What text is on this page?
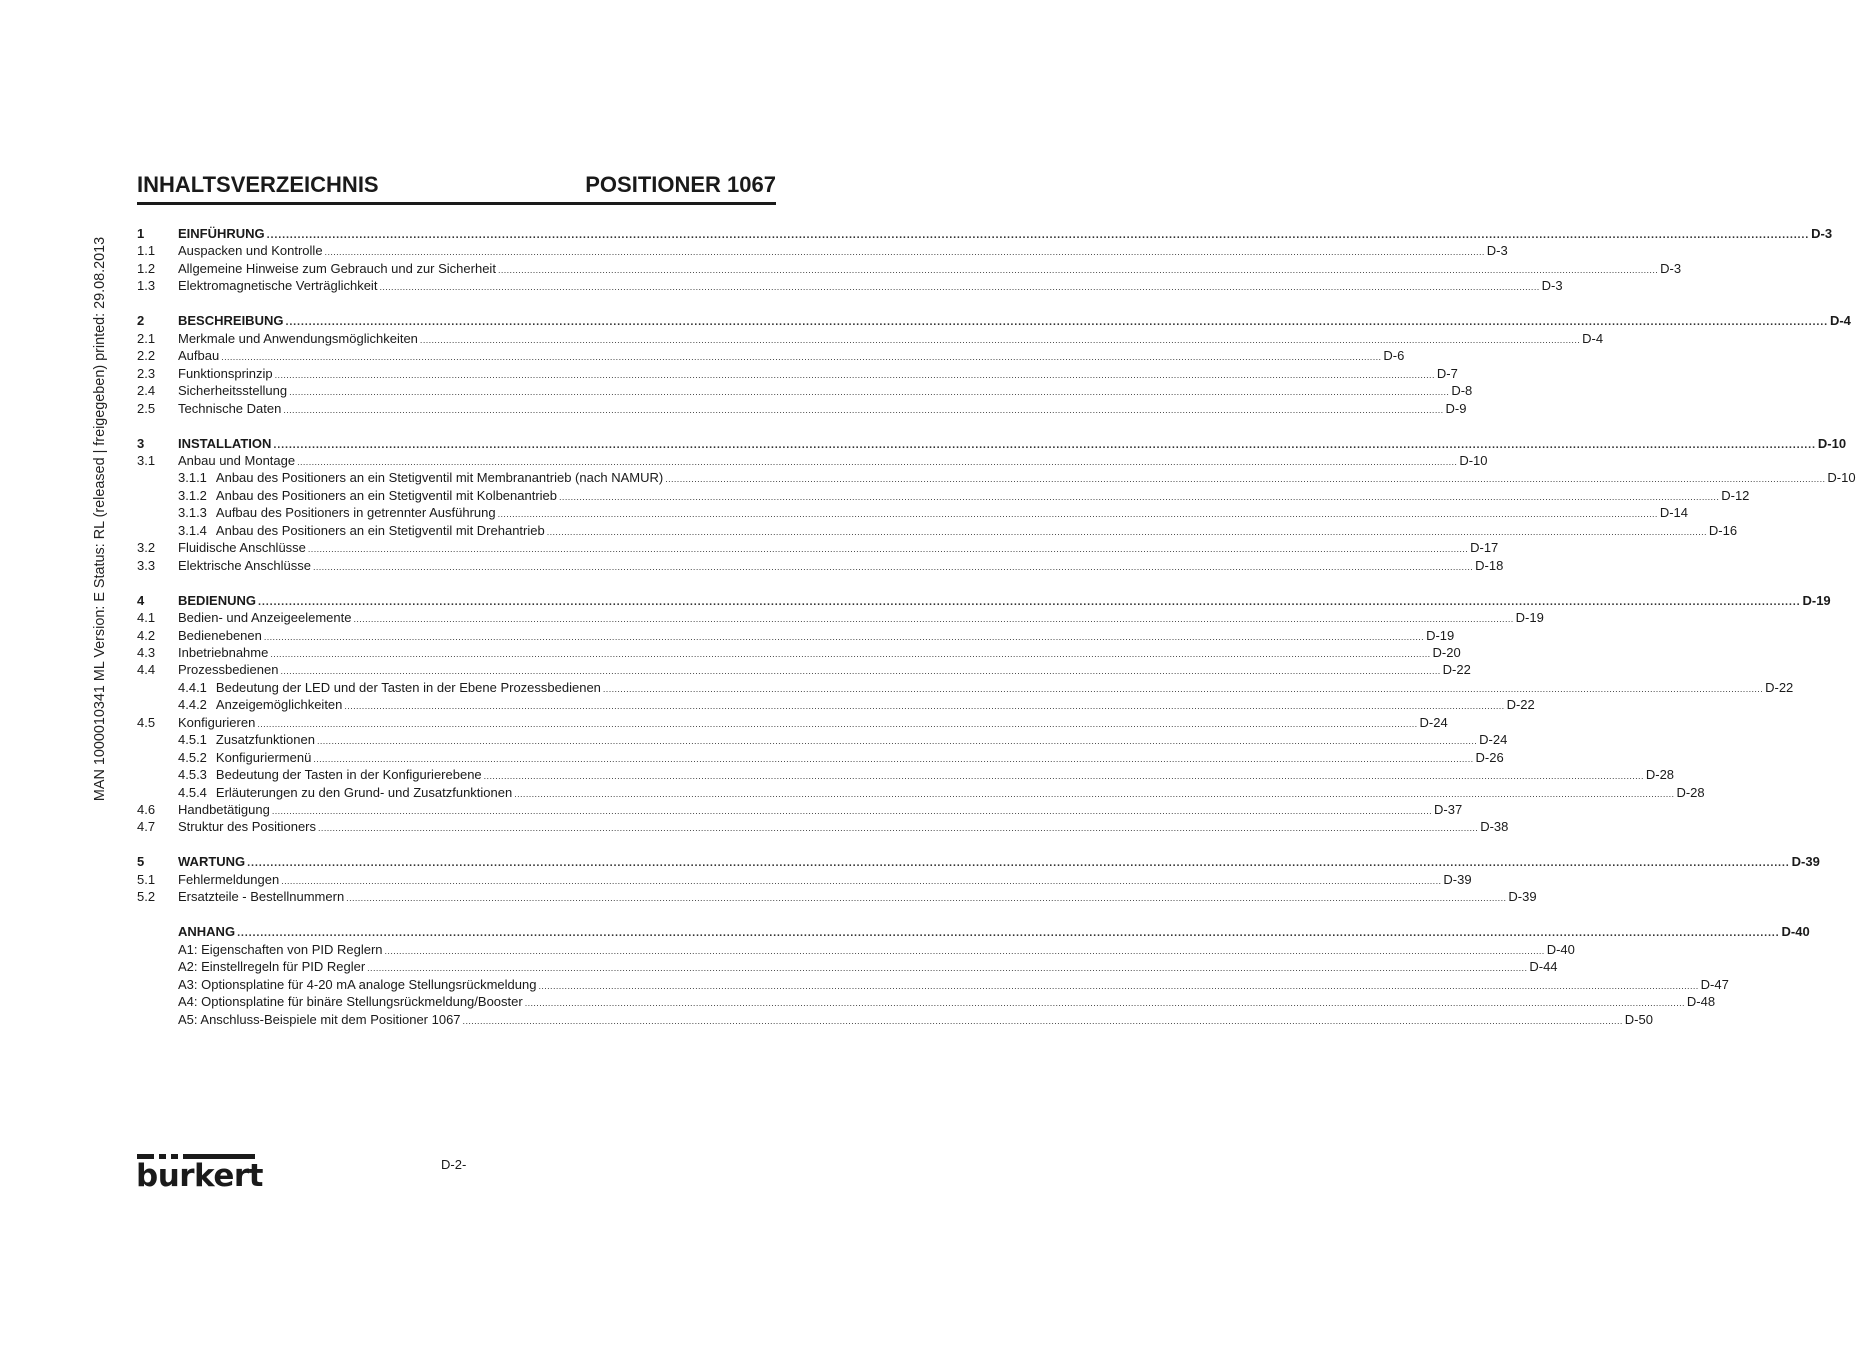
MAN 1000010341 ML Version: E Status: RL (released | freigegeben) printed: 29.08.2013
INHALTSVERZEICHNIS	POSITIONER 1067
1	EINFÜHRUNG ................................................................................................................................................................................................................................................................................................................................................................................................................ D-3
1.1 Auspacken und Kontrolle ................................................................................................................................................................................................................................................................................................................................................................................................................ D-3
1.2 Allgemeine Hinweise zum Gebrauch und zur Sicherheit ................................................................................................................................................................................................................................................................................................................................................................................................................ D-3
1.3 Elektromagnetische Verträglichkeit ................................................................................................................................................................................................................................................................................................................................................................................................................ D-3
2	BESCHREIBUNG ................................................................................................................................................................................................................................................................................................................................................................................................................ D-4
2.1 Merkmale und Anwendungsmöglichkeiten ................................................................................................................................................................................................................................................................................................................................................................................................................ D-4
2.2 Aufbau ................................................................................................................................................................................................................................................................................................................................................................................................................ D-6
2.3 Funktionsprinzip ................................................................................................................................................................................................................................................................................................................................................................................................................ D-7
2.4 Sicherheitsstellung ................................................................................................................................................................................................................................................................................................................................................................................................................ D-8
2.5 Technische Daten ................................................................................................................................................................................................................................................................................................................................................................................................................ D-9
3	INSTALLATION ................................................................................................................................................................................................................................................................................................................................................................................................................ D-10
3.1 Anbau und Montage ................................................................................................................................................................................................................................................................................................................................................................................................................ D-10
3.1.1 Anbau des Positioners an ein Stetigventil mit Membranantrieb (nach NAMUR) ................................................................................................................................................................................................................................................................................................................................................................................................................ D-10
3.1.2 Anbau des Positioners an ein Stetigventil mit Kolbenantrieb ................................................................................................................................................................................................................................................................................................................................................................................................................ D-12
3.1.3 Aufbau des Positioners in getrennter Ausführung ................................................................................................................................................................................................................................................................................................................................................................................................................ D-14
3.1.4 Anbau des Positioners an ein Stetigventil mit Drehantrieb ................................................................................................................................................................................................................................................................................................................................................................................................................ D-16
3.2 Fluidische Anschlüsse ................................................................................................................................................................................................................................................................................................................................................................................................................ D-17
3.3 Elektrische Anschlüsse ................................................................................................................................................................................................................................................................................................................................................................................................................ D-18
4	BEDIENUNG ................................................................................................................................................................................................................................................................................................................................................................................................................ D-19
4.1 Bedien- und Anzeigeelemente ................................................................................................................................................................................................................................................................................................................................................................................................................ D-19
4.2 Bedienebenen ................................................................................................................................................................................................................................................................................................................................................................................................................ D-19
4.3 Inbetriebnahme ................................................................................................................................................................................................................................................................................................................................................................................................................ D-20
4.4 Prozessbedienen ................................................................................................................................................................................................................................................................................................................................................................................................................ D-22
4.4.1 Bedeutung der LED und der Tasten in der Ebene Prozessbedienen ................................................................................................................................................................................................................................................................................................................................................................................................................ D-22
4.4.2 Anzeigemöglichkeiten ................................................................................................................................................................................................................................................................................................................................................................................................................ D-22
4.5 Konfigurieren ................................................................................................................................................................................................................................................................................................................................................................................................................ D-24
4.5.1 Zusatzfunktionen ................................................................................................................................................................................................................................................................................................................................................................................................................ D-24
4.5.2 Konfiguriermenü ................................................................................................................................................................................................................................................................................................................................................................................................................ D-26
4.5.3 Bedeutung der Tasten in der Konfigurierebene ................................................................................................................................................................................................................................................................................................................................................................................................................ D-28
4.5.4 Erläuterungen zu den Grund- und Zusatzfunktionen ................................................................................................................................................................................................................................................................................................................................................................................................................ D-28
4.6 Handbetätigung ................................................................................................................................................................................................................................................................................................................................................................................................................ D-37
4.7 Struktur des Positioners ................................................................................................................................................................................................................................................................................................................................................................................................................ D-38
5	WARTUNG ................................................................................................................................................................................................................................................................................................................................................................................................................ D-39
5.1 Fehlermeldungen ................................................................................................................................................................................................................................................................................................................................................................................................................ D-39
5.2 Ersatzteile - Bestellnummern ................................................................................................................................................................................................................................................................................................................................................................................................................ D-39
ANHANG ................................................................................................................................................................................................................................................................................................................................................................................................................ D-40
A1: Eigenschaften von PID Reglern ................................................................................................................................................................................................................................................................................................................................................................................................................ D-40
A2: Einstellregeln für PID Regler ................................................................................................................................................................................................................................................................................................................................................................................................................ D-44
A3: Optionsplatine für 4-20 mA analoge Stellungsrückmeldung ................................................................................................................................................................................................................................................................................................................................................................................................................ D-47
A4: Optionsplatine für binäre Stellungsrückmeldung/Booster ................................................................................................................................................................................................................................................................................................................................................................................................................ D-48
A5: Anschluss-Beispiele mit dem Positioner 1067 ................................................................................................................................................................................................................................................................................................................................................................................................................ D-50
D-2-
burkert
